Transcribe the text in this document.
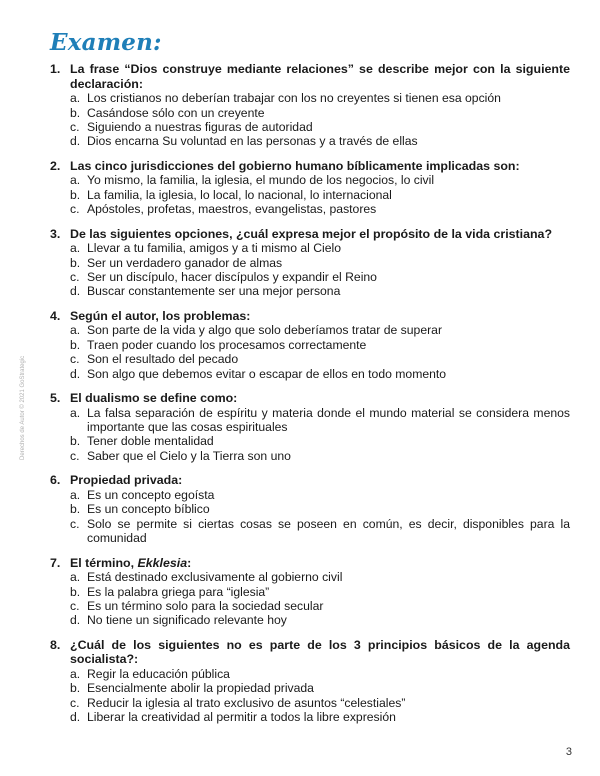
Examen:
Derechos de Autor © 2021 GoStrategic
1. La frase “Dios construye mediante relaciones” se describe mejor con la siguiente declaración:
a. Los cristianos no deberían trabajar con los no creyentes si tienen esa opción
b. Casándose sólo con un creyente
c. Siguiendo a nuestras figuras de autoridad
d. Dios encarna Su voluntad en las personas y a través de ellas
2. Las cinco jurisdicciones del gobierno humano bíblicamente implicadas son:
a. Yo mismo, la familia, la iglesia, el mundo de los negocios, lo civil
b. La familia, la iglesia, lo local, lo nacional, lo internacional
c. Apóstoles, profetas, maestros, evangelistas, pastores
3. De las siguientes opciones, ¿cuál expresa mejor el propósito de la vida cristiana?
a. Llevar a tu familia, amigos y a ti mismo al Cielo
b. Ser un verdadero ganador de almas
c. Ser un discípulo, hacer discípulos y expandir el Reino
d. Buscar constantemente ser una mejor persona
4. Según el autor, los problemas:
a. Son parte de la vida y algo que solo deberíamos tratar de superar
b. Traen poder cuando los procesamos correctamente
c. Son el resultado del pecado
d. Son algo que debemos evitar o escapar de ellos en todo momento
5. El dualismo se define como:
a. La falsa separación de espíritu y materia donde el mundo material se considera menos importante que las cosas espirituales
b. Tener doble mentalidad
c. Saber que el Cielo y la Tierra son uno
6. Propiedad privada:
a. Es un concepto egoísta
b. Es un concepto bíblico
c. Solo se permite si ciertas cosas se poseen en común, es decir, disponibles para la comunidad
7. El término, Ekklesia:
a. Está destinado exclusivamente al gobierno civil
b. Es la palabra griega para “iglesia”
c. Es un término solo para la sociedad secular
d. No tiene un significado relevante hoy
8. ¿Cuál de los siguientes no es parte de los 3 principios básicos de la agenda socialista?:
a. Regir la educación pública
b. Esencialmente abolir la propiedad privada
c. Reducir la iglesia al trato exclusivo de asuntos “celestiales”
d. Liberar la creatividad al permitir a todos la libre expresión
3
